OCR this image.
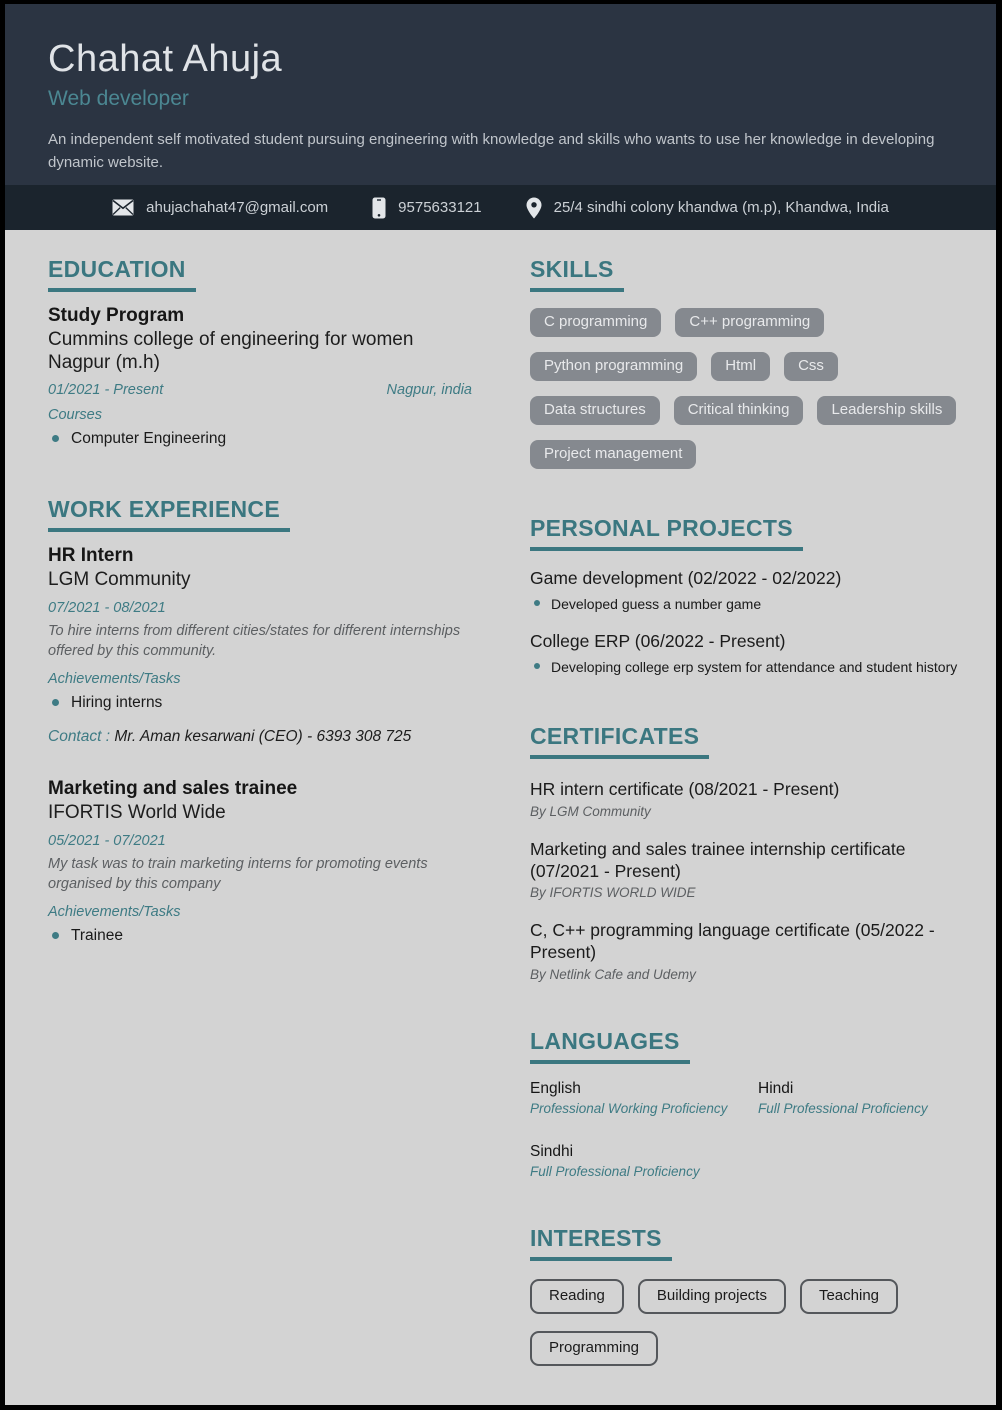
Chahat Ahuja
Web developer
An independent self motivated student pursuing engineering with knowledge and skills who wants to use her knowledge in developing dynamic website.
ahujachahat47@gmail.com	9575633121	25/4 sindhi colony khandwa (m.p), Khandwa, India
EDUCATION
Study Program
Cummins college of engineering for women Nagpur (m.h)
01/2021 - Present	Nagpur, india
Courses
Computer Engineering
WORK EXPERIENCE
HR Intern
LGM Community
07/2021 - 08/2021
To hire interns from different cities/states for different internships offered by this community.
Achievements/Tasks
Hiring interns
Contact : Mr. Aman kesarwani (CEO) - 6393 308 725
Marketing and sales trainee
IFORTIS World Wide
05/2021 - 07/2021
My task was to train marketing interns for promoting events organised by this company
Achievements/Tasks
Trainee
SKILLS
C programming	C++ programming
Python programming	Html	Css
Data structures	Critical thinking	Leadership skills
Project management
PERSONAL PROJECTS
Game development (02/2022 - 02/2022)
Developed guess a number game
College ERP (06/2022 - Present)
Developing college erp system for attendance and student history
CERTIFICATES
HR intern certificate (08/2021 - Present)
By LGM Community
Marketing and sales trainee internship certificate (07/2021 - Present)
By IFORTIS WORLD WIDE
C, C++ programming language certificate (05/2022 - Present)
By Netlink Cafe and Udemy
LANGUAGES
English
Professional Working Proficiency
Hindi
Full Professional Proficiency
Sindhi
Full Professional Proficiency
INTERESTS
Reading	Building projects	Teaching
Programming
